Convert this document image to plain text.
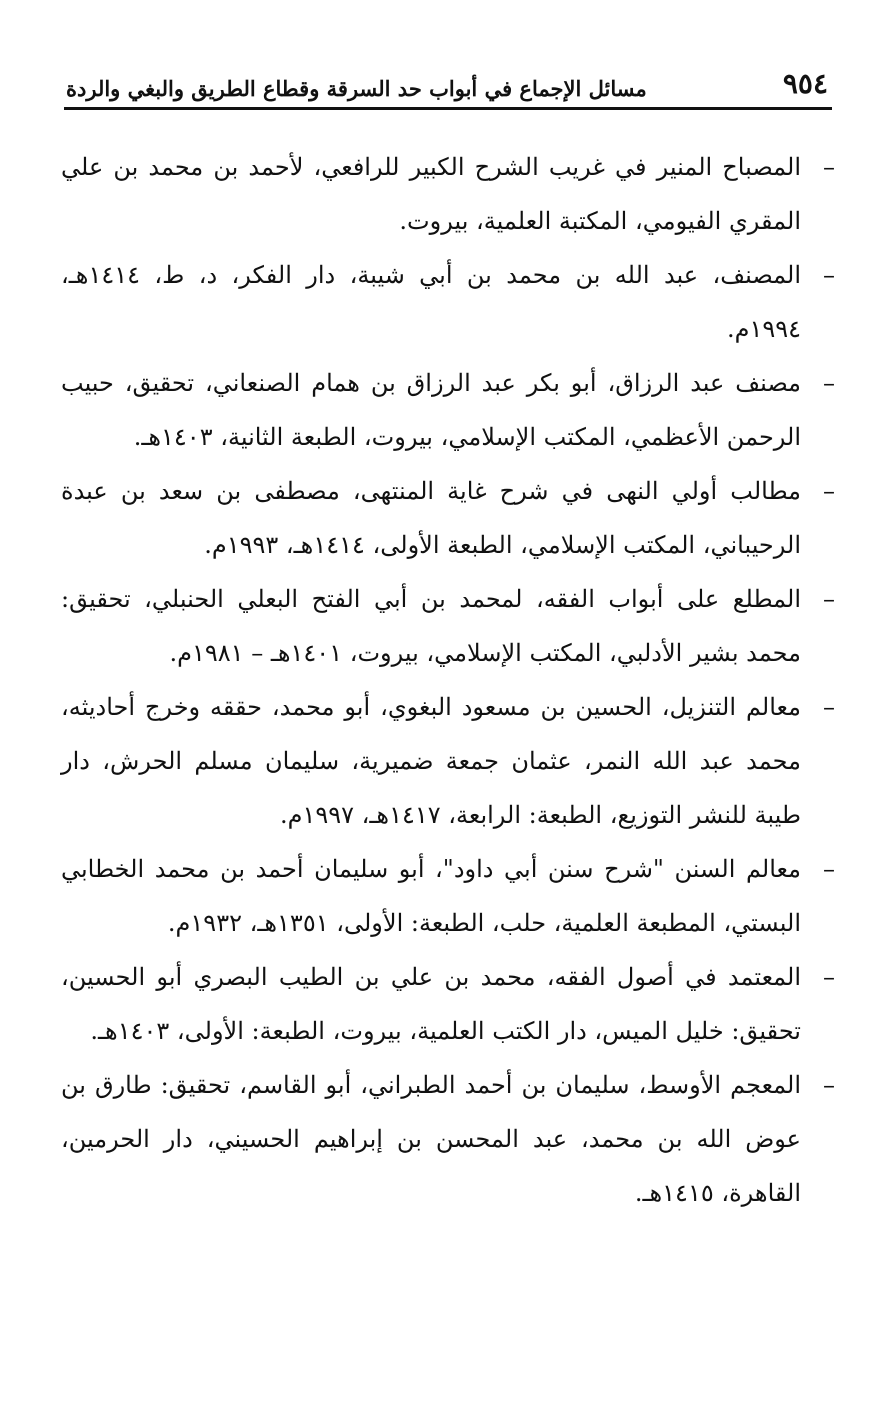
٩٥٤
مسائل الإجماع في أبواب حد السرقة وقطاع الطريق والبغي والردة
–
المصباح المنير في غريب الشرح الكبير للرافعي، لأحمد بن محمد بن علي المقري الفيومي، المكتبة العلمية، بيروت.
–
المصنف، عبد الله بن محمد بن أبي شيبة، دار الفكر، د، ط، ١٤١٤هـ، ١٩٩٤م.
–
مصنف عبد الرزاق، أبو بكر عبد الرزاق بن همام الصنعاني، تحقيق، حبيب الرحمن الأعظمي، المكتب الإسلامي، بيروت، الطبعة الثانية، ١٤٠٣هـ.
–
مطالب أولي النهى في شرح غاية المنتهى، مصطفى بن سعد بن عبدة الرحيباني، المكتب الإسلامي، الطبعة الأولى، ١٤١٤هـ، ١٩٩٣م.
–
المطلع على أبواب الفقه، لمحمد بن أبي الفتح البعلي الحنبلي، تحقيق: محمد بشير الأدلبي، المكتب الإسلامي، بيروت، ١٤٠١هـ – ١٩٨١م.
–
معالم التنزيل، الحسين بن مسعود البغوي، أبو محمد، حققه وخرج أحاديثه، محمد عبد الله النمر، عثمان جمعة ضميرية، سليمان مسلم الحرش، دار طيبة للنشر التوزيع، الطبعة: الرابعة، ١٤١٧هـ، ١٩٩٧م.
–
معالم السنن "شرح سنن أبي داود"، أبو سليمان أحمد بن محمد الخطابي البستي، المطبعة العلمية، حلب، الطبعة: الأولى، ١٣٥١هـ، ١٩٣٢م.
–
المعتمد في أصول الفقه، محمد بن علي بن الطيب البصري أبو الحسين، تحقيق: خليل الميس، دار الكتب العلمية، بيروت، الطبعة: الأولى، ١٤٠٣هـ.
–
المعجم الأوسط، سليمان بن أحمد الطبراني، أبو القاسم، تحقيق: طارق بن عوض الله بن محمد، عبد المحسن بن إبراهيم الحسيني، دار الحرمين، القاهرة، ١٤١٥هـ.
